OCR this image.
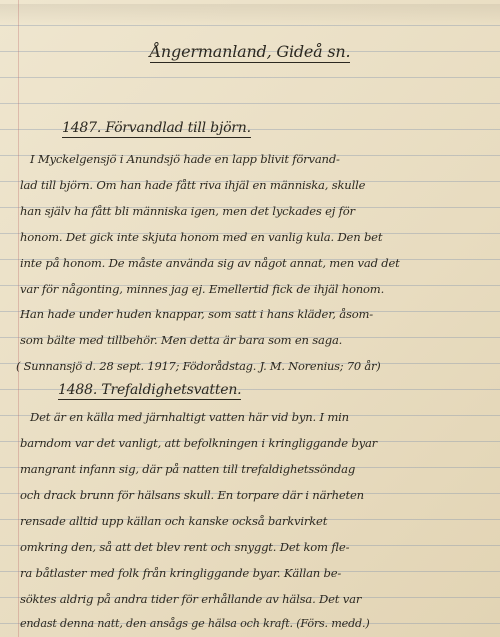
Ångermanland, Gideå sn.
1487. Förvandlad till björn.
I Myckelgensjö i Anundsjö hade en lapp blivit förvand-
lad till björn. Om han hade fått riva ihjäl en människa, skulle
han själv ha fått bli människa igen, men det lyckades ej för
honom. Det gick inte skjuta honom med en vanlig kula. Den bet
inte på honom. De måste använda sig av något annat, men vad det
var för någonting, minnes jag ej. Emellertid fick de ihjäl honom.
Han hade under huden knappar, som satt i hans kläder, åsom-
som bälte med tillbehör. Men detta är bara som en saga.
( Sunnansjö d. 28 sept. 1917; Födorådstag. J. M. Norenius; 70 år)
1488. Trefaldighetsvatten.
Det är en källa med järnhaltigt vatten här vid byn. I min
barndom var det vanligt, att befolkningen i kringliggande byar
mangrant infann sig, där på natten till trefaldighetssöndag
och drack brunn för hälsans skull. En torpare där i närheten
rensade alltid upp källan och kanske också barkvirket
omkring den, så att det blev rent och snyggt. Det kom fle-
ra båtlaster med folk från kringliggande byar. Källan be-
söktes aldrig på andra tider för erhållande av hälsa. Det var
endast denna natt, den ansågs ge hälsa och kraft. (Förs. medd.)
